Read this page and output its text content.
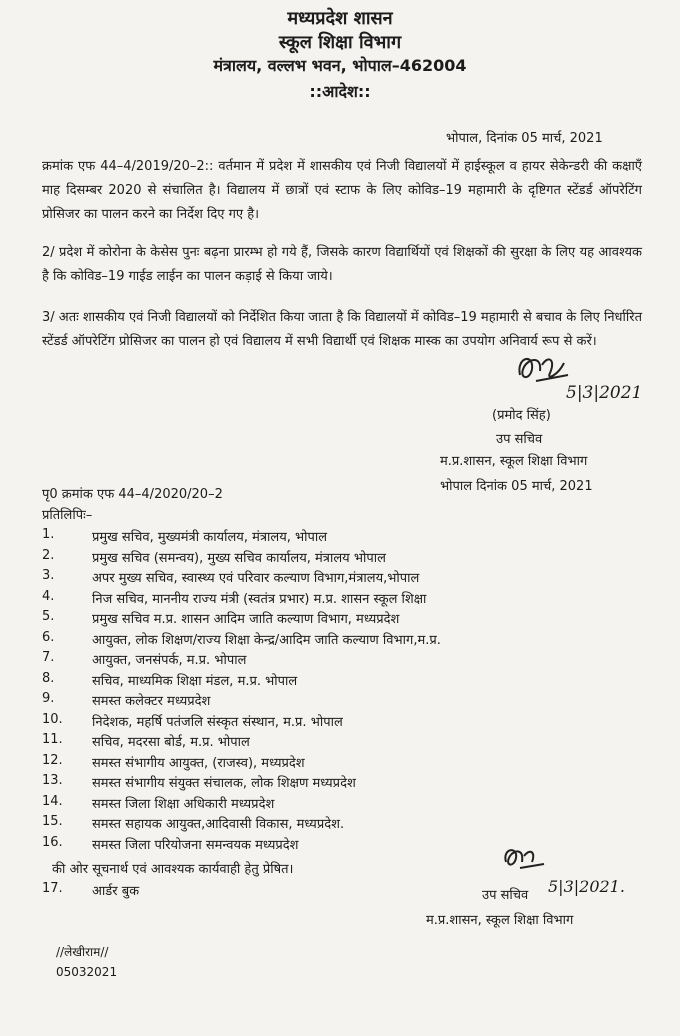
मध्यप्रदेश शासन
स्कूल शिक्षा विभाग
मंत्रालय, वल्लभ भवन, भोपाल–462004
::आदेश::
भोपाल, दिनांक 05 मार्च, 2021
क्रमांक एफ 44–4/2019/20–2:: वर्तमान में प्रदेश में शासकीय एवं निजी विद्यालयों में हाईस्कूल व हायर सेकेन्डरी की कक्षाएँ माह दिसम्बर 2020 से संचालित है। विद्यालय में छात्रों एवं स्टाफ के लिए कोविड–19 महामारी के दृष्टिगत स्टेंडर्ड ऑपरेटिंग प्रोसिजर का पालन करने का निर्देश दिए गए है।
2/ प्रदेश में कोरोना के केसेस पुनः बढ़ना प्रारम्भ हो गये हैं, जिसके कारण विद्यार्थियों एवं शिक्षकों की सुरक्षा के लिए यह आवश्यक है कि कोविड–19 गाईड लाईन का पालन कड़ाई से किया जाये।
3/ अतः शासकीय एवं निजी विद्यालयों को निर्देशित किया जाता है कि विद्यालयों में कोविड–19 महामारी से बचाव के लिए निर्धारित स्टेंडर्ड ऑपरेटिंग प्रोसिजर का पालन हो एवं विद्यालय में सभी विद्यार्थी एवं शिक्षक मास्क का उपयोग अनिवार्य रूप से करें।
5|3|2021
(प्रमोद सिंह)
उप सचिव
म.प्र.शासन, स्कूल शिक्षा विभाग
भोपाल दिनांक 05 मार्च, 2021
पृ0 क्रमांक एफ 44–4/2020/20–2
प्रतिलिपिः–
1.	प्रमुख सचिव, मुख्यमंत्री कार्यालय, मंत्रालय, भोपाल
2.	प्रमुख सचिव (समन्वय), मुख्य सचिव कार्यालय, मंत्रालय भोपाल
3.	अपर मुख्य सचिव, स्वास्थ्य एवं परिवार कल्याण विभाग,मंत्रालय,भोपाल
4.	निज सचिव, माननीय राज्य मंत्री (स्वतंत्र प्रभार) म.प्र. शासन स्कूल शिक्षा
5.	प्रमुख सचिव म.प्र. शासन आदिम जाति कल्याण विभाग, मध्यप्रदेश
6.	आयुक्त, लोक शिक्षण/राज्य शिक्षा केन्द्र/आदिम जाति कल्याण विभाग,म.प्र.
7.	आयुक्त, जनसंपर्क, म.प्र. भोपाल
8.	सचिव, माध्यमिक शिक्षा मंडल, म.प्र. भोपाल
9.	समस्त कलेक्टर मध्यप्रदेश
10. निदेशक, महर्षि पतंजलि संस्कृत संस्थान, म.प्र. भोपाल
11. सचिव, मदरसा बोर्ड, म.प्र. भोपाल
12. समस्त संभागीय आयुक्त, (राजस्व), मध्यप्रदेश
13. समस्त संभागीय संयुक्त संचालक, लोक शिक्षण मध्यप्रदेश
14. समस्त जिला शिक्षा अधिकारी मध्यप्रदेश
15. समस्त सहायक आयुक्त,आदिवासी विकास, मध्यप्रदेश.
16. समस्त जिला परियोजना समन्वयक मध्यप्रदेश
की ओर सूचनार्थ एवं आवश्यक कार्यवाही हेतु प्रेषित।
17. आर्डर बुक	उप सचिव 5|3|2021.
म.प्र.शासन, स्कूल शिक्षा विभाग
//लेखीराम//
05032021
